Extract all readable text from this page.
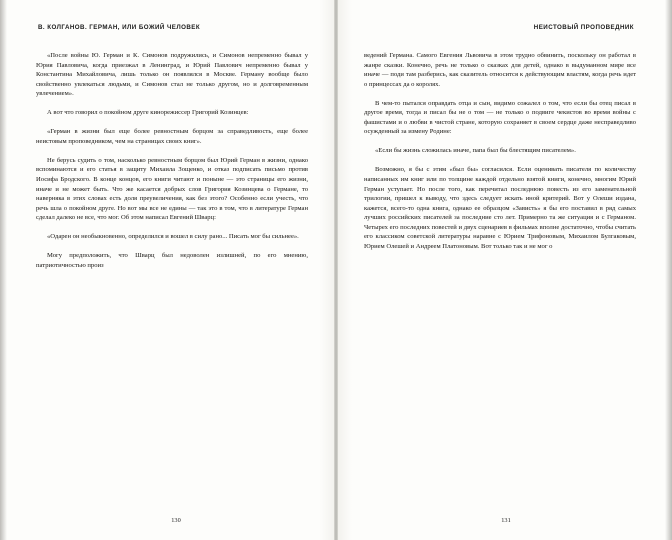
В. КОЛГАНОВ. ГЕРМАН, ИЛИ БОЖИЙ ЧЕЛОВЕК

«После войны Ю. Герман и К. Симонов подружились, и Симонов непременно бывал у Юрия Павловича, когда приезжал в Ленинград, и Юрий Павлович непременно бывал у Константина Михайловича, лишь только он появлялся в Москве. Герману вообще было свойственно увлекаться людьми, и Симонов стал не только другом, но и долговременным увлечением».

А вот что говорил о покойном друге кинорежиссер Григорий Козинцев:

«Герман в жизни был еще более ревностным борцом за справедливость, еще более неистовым проповедником, чем на страницах своих книг».

Не берусь судить о том, насколько ревностным борцом был Юрий Герман в жизни, однако вспоминаются и его статья в защиту Михаила Зощенко, и отказ подписать письмо против Иосифа Бродского. В конце концов, его книги читают и поныне — это страницы его жизни, иначе и не может быть. Что же касается добрых слов Григория Козинцева о Германе, то наверняка в этих словах есть доля преувеличения, как без этого? Особенно если учесть, что речь шла о покойном друге. Но вот мы все не едины — так это в том, что в литературе Герман сделал далеко не все, что мог. Об этом написал Евгений Шварц:

«Одарен он необыкновенно, определился и вошел в силу рано... Писать мог бы сильнее».

Могу предположить, что Шварц был недоволен излишней, по его мнению, патриотичностью произ

130
НЕИСТОВЫЙ ПРОПОВЕДНИК

ведений Германа. Самого Евгения Львовича в этом трудно обвинить, поскольку он работал в жанре сказки. Конечно, речь не только о сказках для детей, однако в выдуманном мире все иначе — поди там разберись, как сказитель относится к действующим властям, когда речь идет о принцессах да о королях.

В чем-то пытался оправдать отца и сын, видимо сожалел о том, что если бы отец писал в другое время, тогда и писал бы не о том — не только о подвиге чекистов во время войны с фашистами и о любви в чистой стране, которую сохраняет в своем сердце даже несправедливо осужденный за измену Родине:

«Если бы жизнь сложилась иначе, папа был бы блестящим писателем».

Возможно, я бы с этим «был бы» согласился. Если оценивать писателя по количеству написанных им книг или по толщине каждой отдельно взятой книги, конечно, многим Юрий Герман уступает. Но после того, как перечитал последнюю повесть из его заменательной трилогии, пришел к выводу, что здесь следует искать иной критерий. Вот у Олеши издана, кажется, всего-то одна книга, однако ее образцом «Зависть» я бы его поставил в ряд самых лучших российских писателей за последние сто лет. Примерно та же ситуация и с Германом. Четырех его последних повестей и двух сценариев в фильмах вполне достаточно, чтобы считать его классиком советской литературы наравне с Юрием Трифоновым, Михаилом Булгаковым, Юрием Олешей и Андреем Платоновым. Вот только так и не мог о

131
